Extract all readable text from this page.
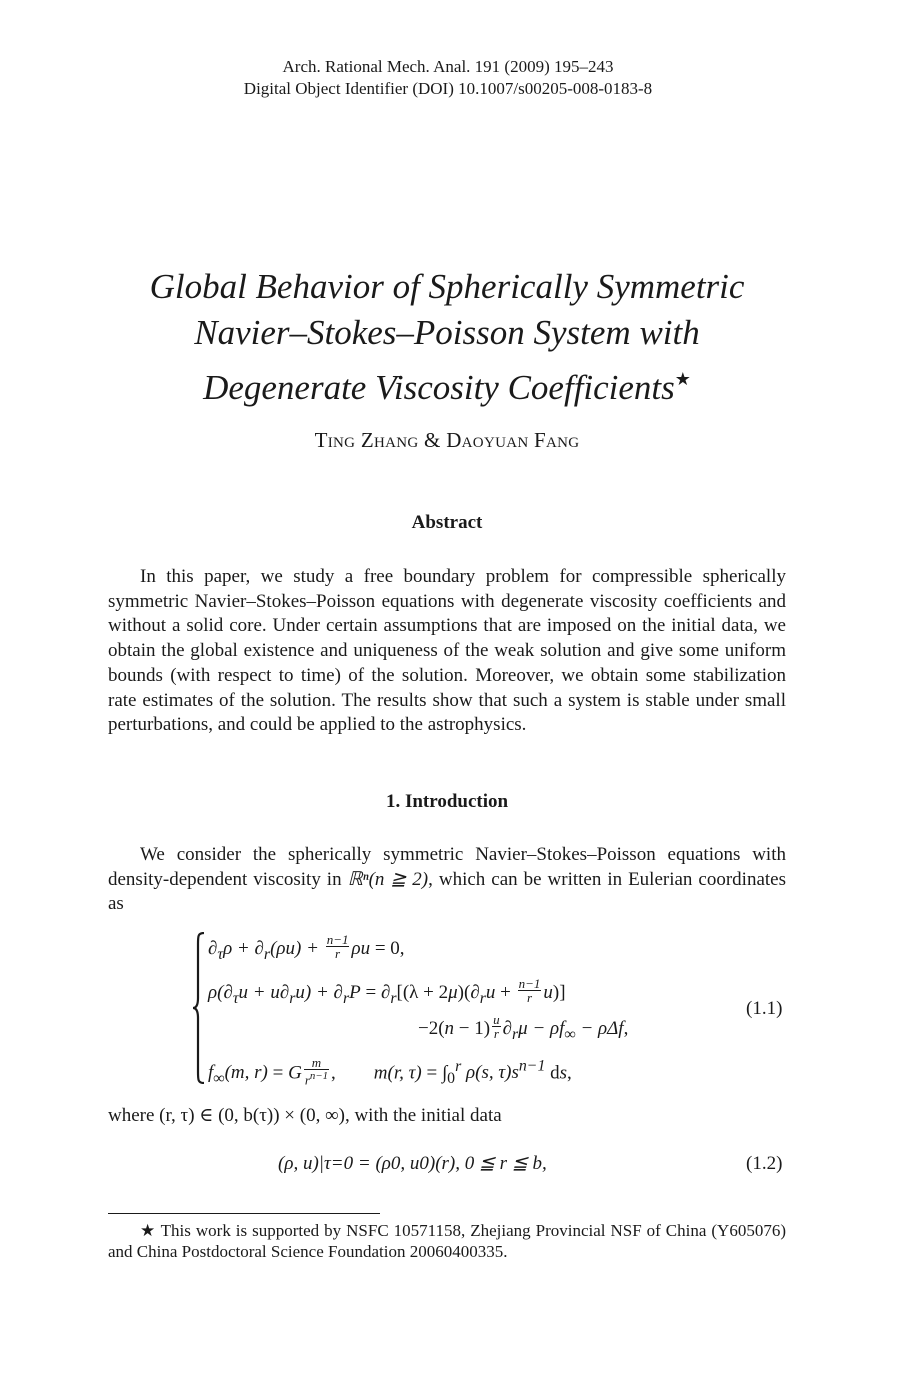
Arch. Rational Mech. Anal. 191 (2009) 195–243
Digital Object Identifier (DOI) 10.1007/s00205-008-0183-8
Global Behavior of Spherically Symmetric
Navier–Stokes–Poisson System with
Degenerate Viscosity Coefficients★
Ting Zhang & Daoyuan Fang
Abstract
In this paper, we study a free boundary problem for compressible spherically symmetric Navier–Stokes–Poisson equations with degenerate viscosity coefficients and without a solid core. Under certain assumptions that are imposed on the initial data, we obtain the global existence and uniqueness of the weak solution and give some uniform bounds (with respect to time) of the solution. Moreover, we obtain some stabilization rate estimates of the solution. The results show that such a system is stable under small perturbations, and could be applied to the astrophysics.
1. Introduction
We consider the spherically symmetric Navier–Stokes–Poisson equations with density-dependent viscosity in ℝⁿ(n ≧ 2), which can be written in Eulerian coordinates as
$\partial_\tau\rho + \partial_r(\rho u) + \frac{n-1}{r}$ ρu = 0,
$\rho(\partial_\tau u + u\partial_ru) + \partial_rP = \partial_r[(\lambda + 2\mu)(\partial_ru + \frac{n-1}{r} u)]$
$-2(n - 1) \frac{u}{r} \partial_r\mu - \rho f_\infty - \rho\Delta f$,
$f_\infty(m$, r) = G $\frac{m}{r^{n-1}}$ ,        m(r, $\tau) = \int_0^r$ ρ(s, $\tau)s^{n-1}$ ds,
(1.1)
where (r, τ) ∈ (0, b(τ)) × (0, ∞), with the initial data
(ρ, u)|τ=0 = (ρ0, u0)(r), 0 ≦ r ≦ b,	(1.2)
★ This work is supported by NSFC 10571158, Zhejiang Provincial NSF of China (Y605076) and China Postdoctoral Science Foundation 20060400335.
